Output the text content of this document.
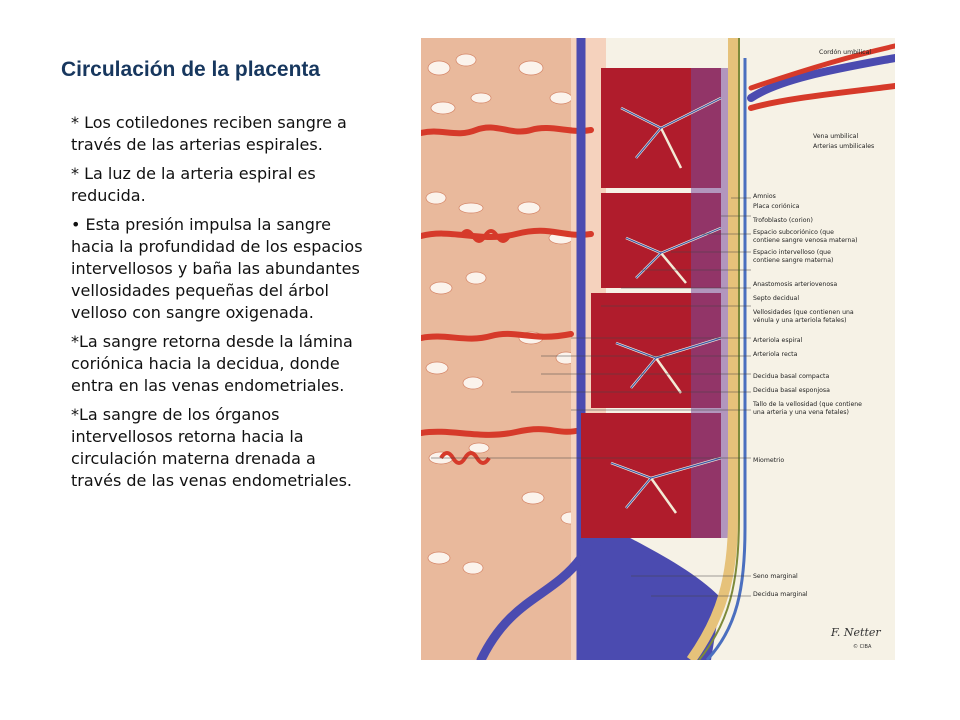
Circulación de la placenta

* Los cotiledones reciben sangre a través de las arterias espirales.

* La luz de la arteria espiral es reducida.

• Esta presión impulsa la sangre hacia la profundidad de los espacios intervellosos y baña las abundantes vellosidades pequeñas del árbol velloso con sangre oxigenada.

*La sangre retorna desde la lámina coriónica hacia la decidua, donde entra en las venas endometriales.

*La sangre de los órganos intervellosos retorna hacia la circulación materna drenada a través de las venas endometriales.

Cordón umbilical
Vena umbilical
Arterias umbilicales
Amnios
Placa coriónica
Trofoblasto (corion)
Espacio subcoriónico (que
contiene sangre venosa materna)
Espacio intervelloso (que
contiene sangre materna)
Anastomosis arteriovenosa
Septo decidual
Vellosidades (que contienen una
vénula y una arteriola fetales)
Arteriola espiral
Arteriola recta
Decidua basal compacta
Decidua basal esponjosa
Tallo de la vellosidad (que contiene
una arteria y una vena fetales)
Miometrio
Seno marginal
Decidua marginal
F. Netter
© CIBA
